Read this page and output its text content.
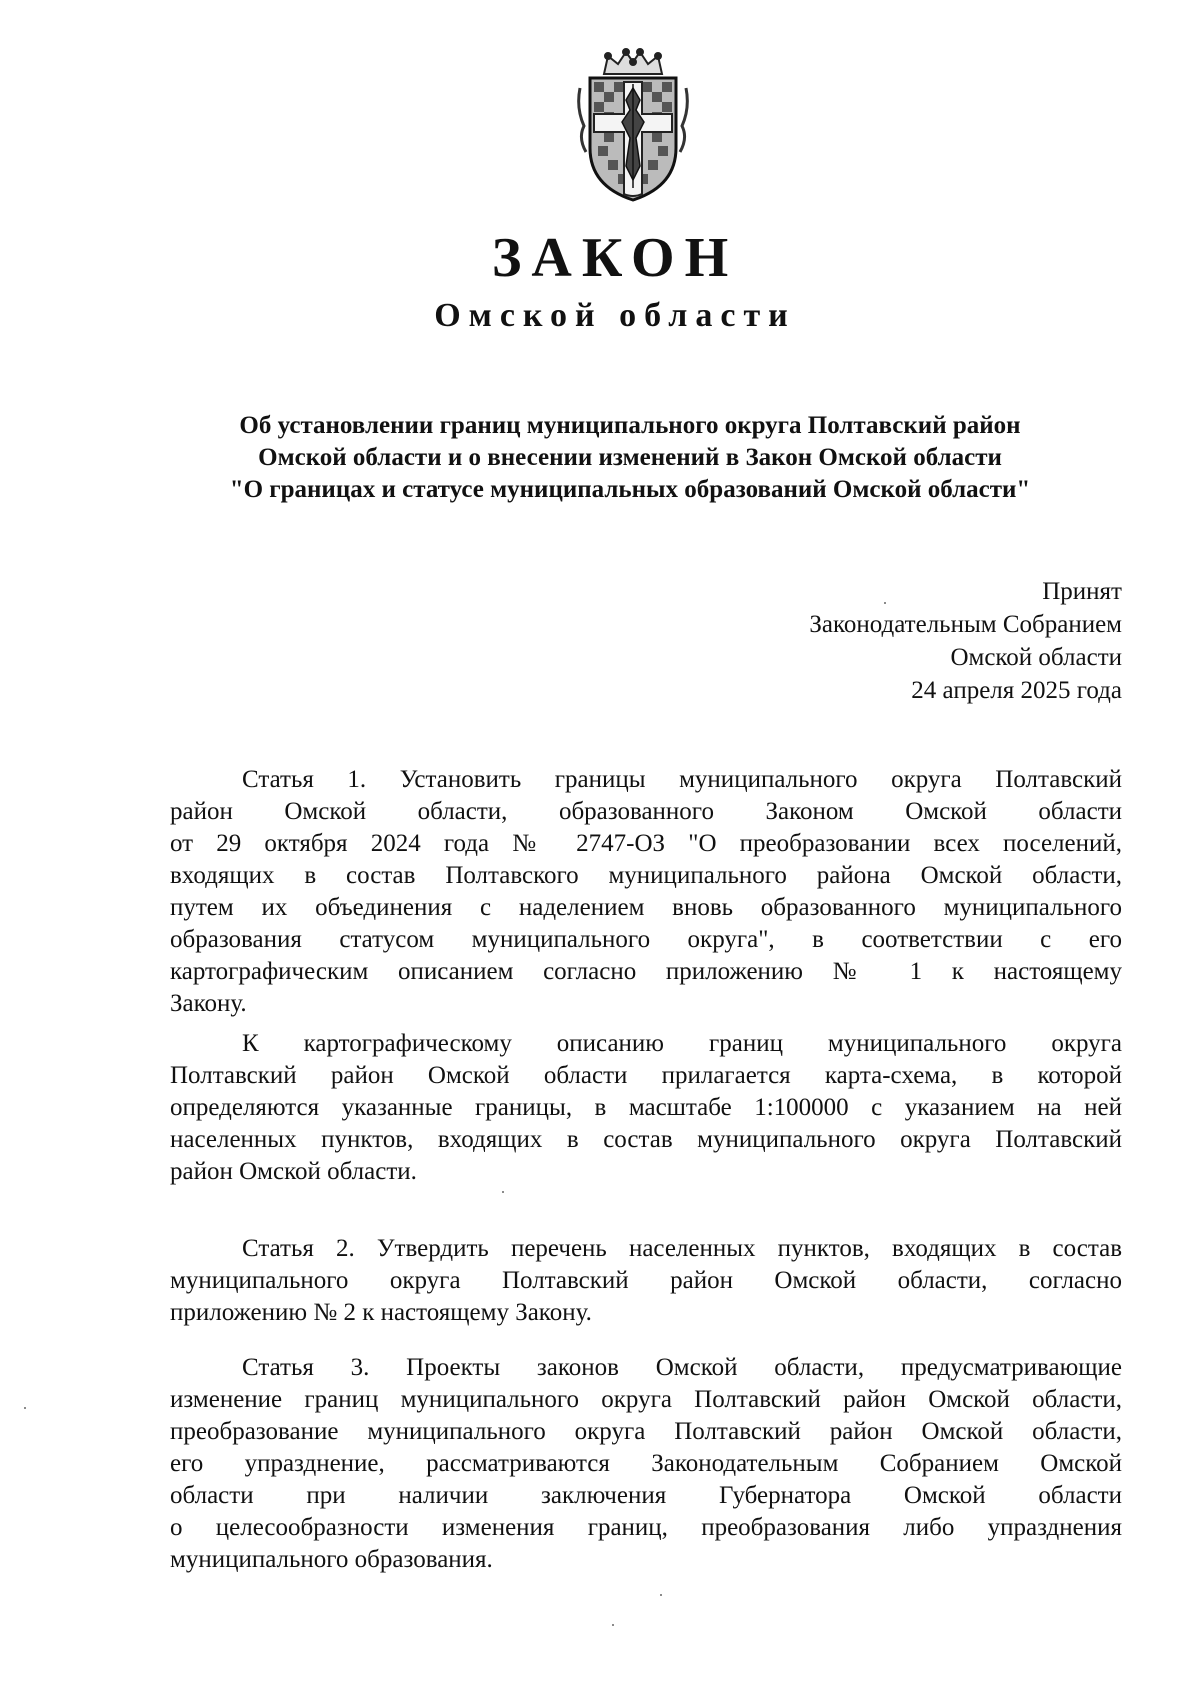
ЗАКОН
Омской области
Об установлении границ муниципального округа Полтавский район
Омской области и о внесении изменений в Закон Омской области
"О границах и статусе муниципальных образований Омской области"
Принят
Законодательным Собранием
Омской области
24 апреля 2025 года
Статья 1. Установить границы муниципального округа Полтавский
район Омской области, образованного Законом Омской области
от 29 октября 2024 года № 2747-ОЗ "О преобразовании всех поселений,
входящих в состав Полтавского муниципального района Омской области,
путем их объединения с наделением вновь образованного муниципального
образования статусом муниципального округа", в соответствии с его
картографическим описанием согласно приложению № 1 к настоящему
Закону.
К картографическому описанию границ муниципального округа
Полтавский район Омской области прилагается карта-схема, в которой
определяются указанные границы, в масштабе 1:100000 с указанием на ней
населенных пунктов, входящих в состав муниципального округа Полтавский
район Омской области.
Статья 2. Утвердить перечень населенных пунктов, входящих в состав
муниципального округа Полтавский район Омской области, согласно
приложению № 2 к настоящему Закону.
Статья 3. Проекты законов Омской области, предусматривающие
изменение границ муниципального округа Полтавский район Омской области,
преобразование муниципального округа Полтавский район Омской области,
его упразднение, рассматриваются Законодательным Собранием Омской
области при наличии заключения Губернатора Омской области
о целесообразности изменения границ, преобразования либо упразднения
муниципального образования.
